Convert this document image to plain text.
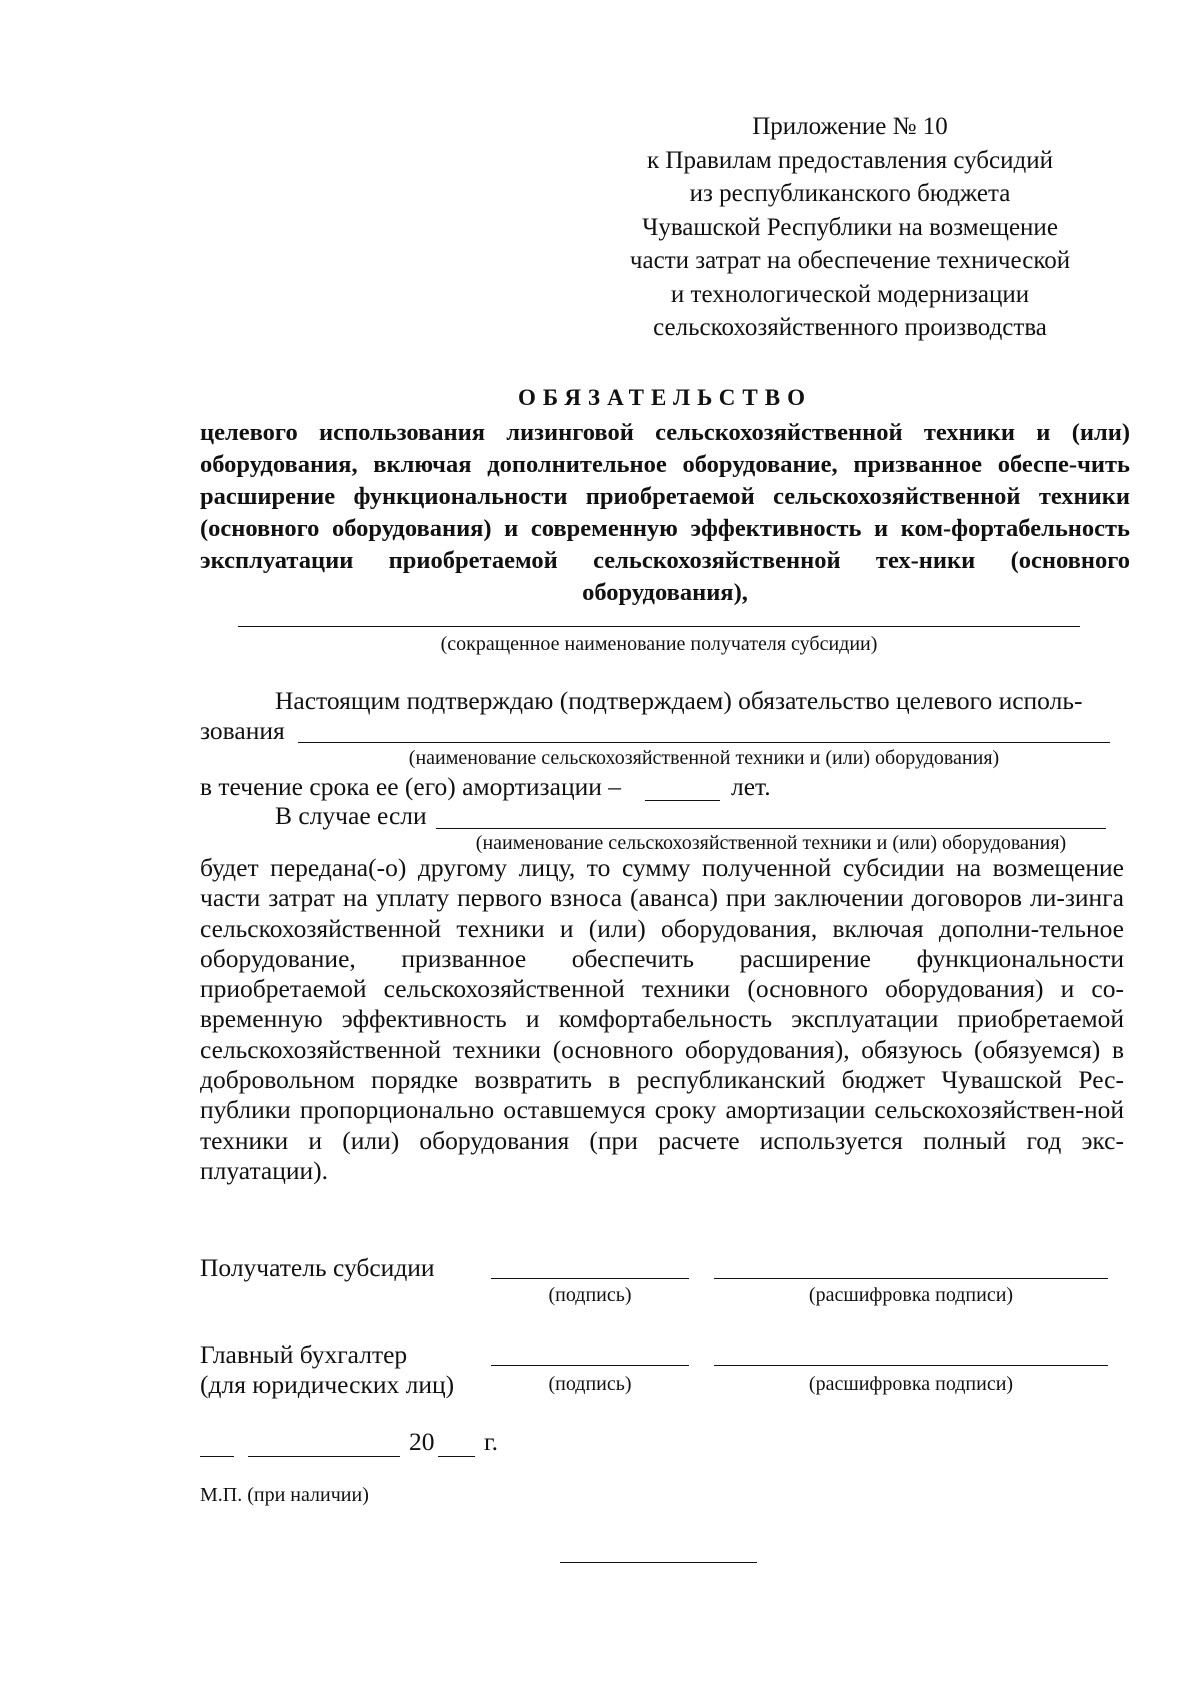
Приложение № 10
к Правилам предоставления субсидий
из республиканского бюджета
Чувашской Республики на возмещение
части затрат на обеспечение технической
и технологической модернизации
сельскохозяйственного производства
ОБЯЗАТЕЛЬСТВО
целевого использования лизинговой сельскохозяйственной техники и (или) оборудования, включая дополнительное оборудование, призванное обеспе-чить расширение функциональности приобретаемой сельскохозяйственной техники (основного оборудования) и современную эффективность и ком-фортабельность эксплуатации приобретаемой сельскохозяйственной тех-ники (основного оборудования),
(сокращенное наименование получателя субсидии)
Настоящим подтверждаю (подтверждаем) обязательство целевого исполь-
зования
(наименование сельскохозяйственной техники и (или) оборудования)
в течение срока ее (его) амортизации –	лет.
В случае если
(наименование сельскохозяйственной техники и (или) оборудования)
будет передана(-о) другому лицу, то сумму полученной субсидии на возмещение части затрат на уплату первого взноса (аванса) при заключении договоров ли-зинга сельскохозяйственной техники и (или) оборудования, включая дополни-тельное оборудование, призванное обеспечить расширение функциональности приобретаемой сельскохозяйственной техники (основного оборудования) и со-временную эффективность и комфортабельность эксплуатации приобретаемой сельскохозяйственной техники (основного оборудования), обязуюсь (обязуемся) в добровольном порядке возвратить в республиканский бюджет Чувашской Рес-публики пропорционально оставшемуся сроку амортизации сельскохозяйствен-ной техники и (или) оборудования (при расчете используется полный год экс-плуатации).
Получатель субсидии
(подпись)	(расшифровка подписи)
Главный бухгалтер
(для юридических лиц)	(подпись)	(расшифровка подписи)
20 г.
М.П. (при наличии)
